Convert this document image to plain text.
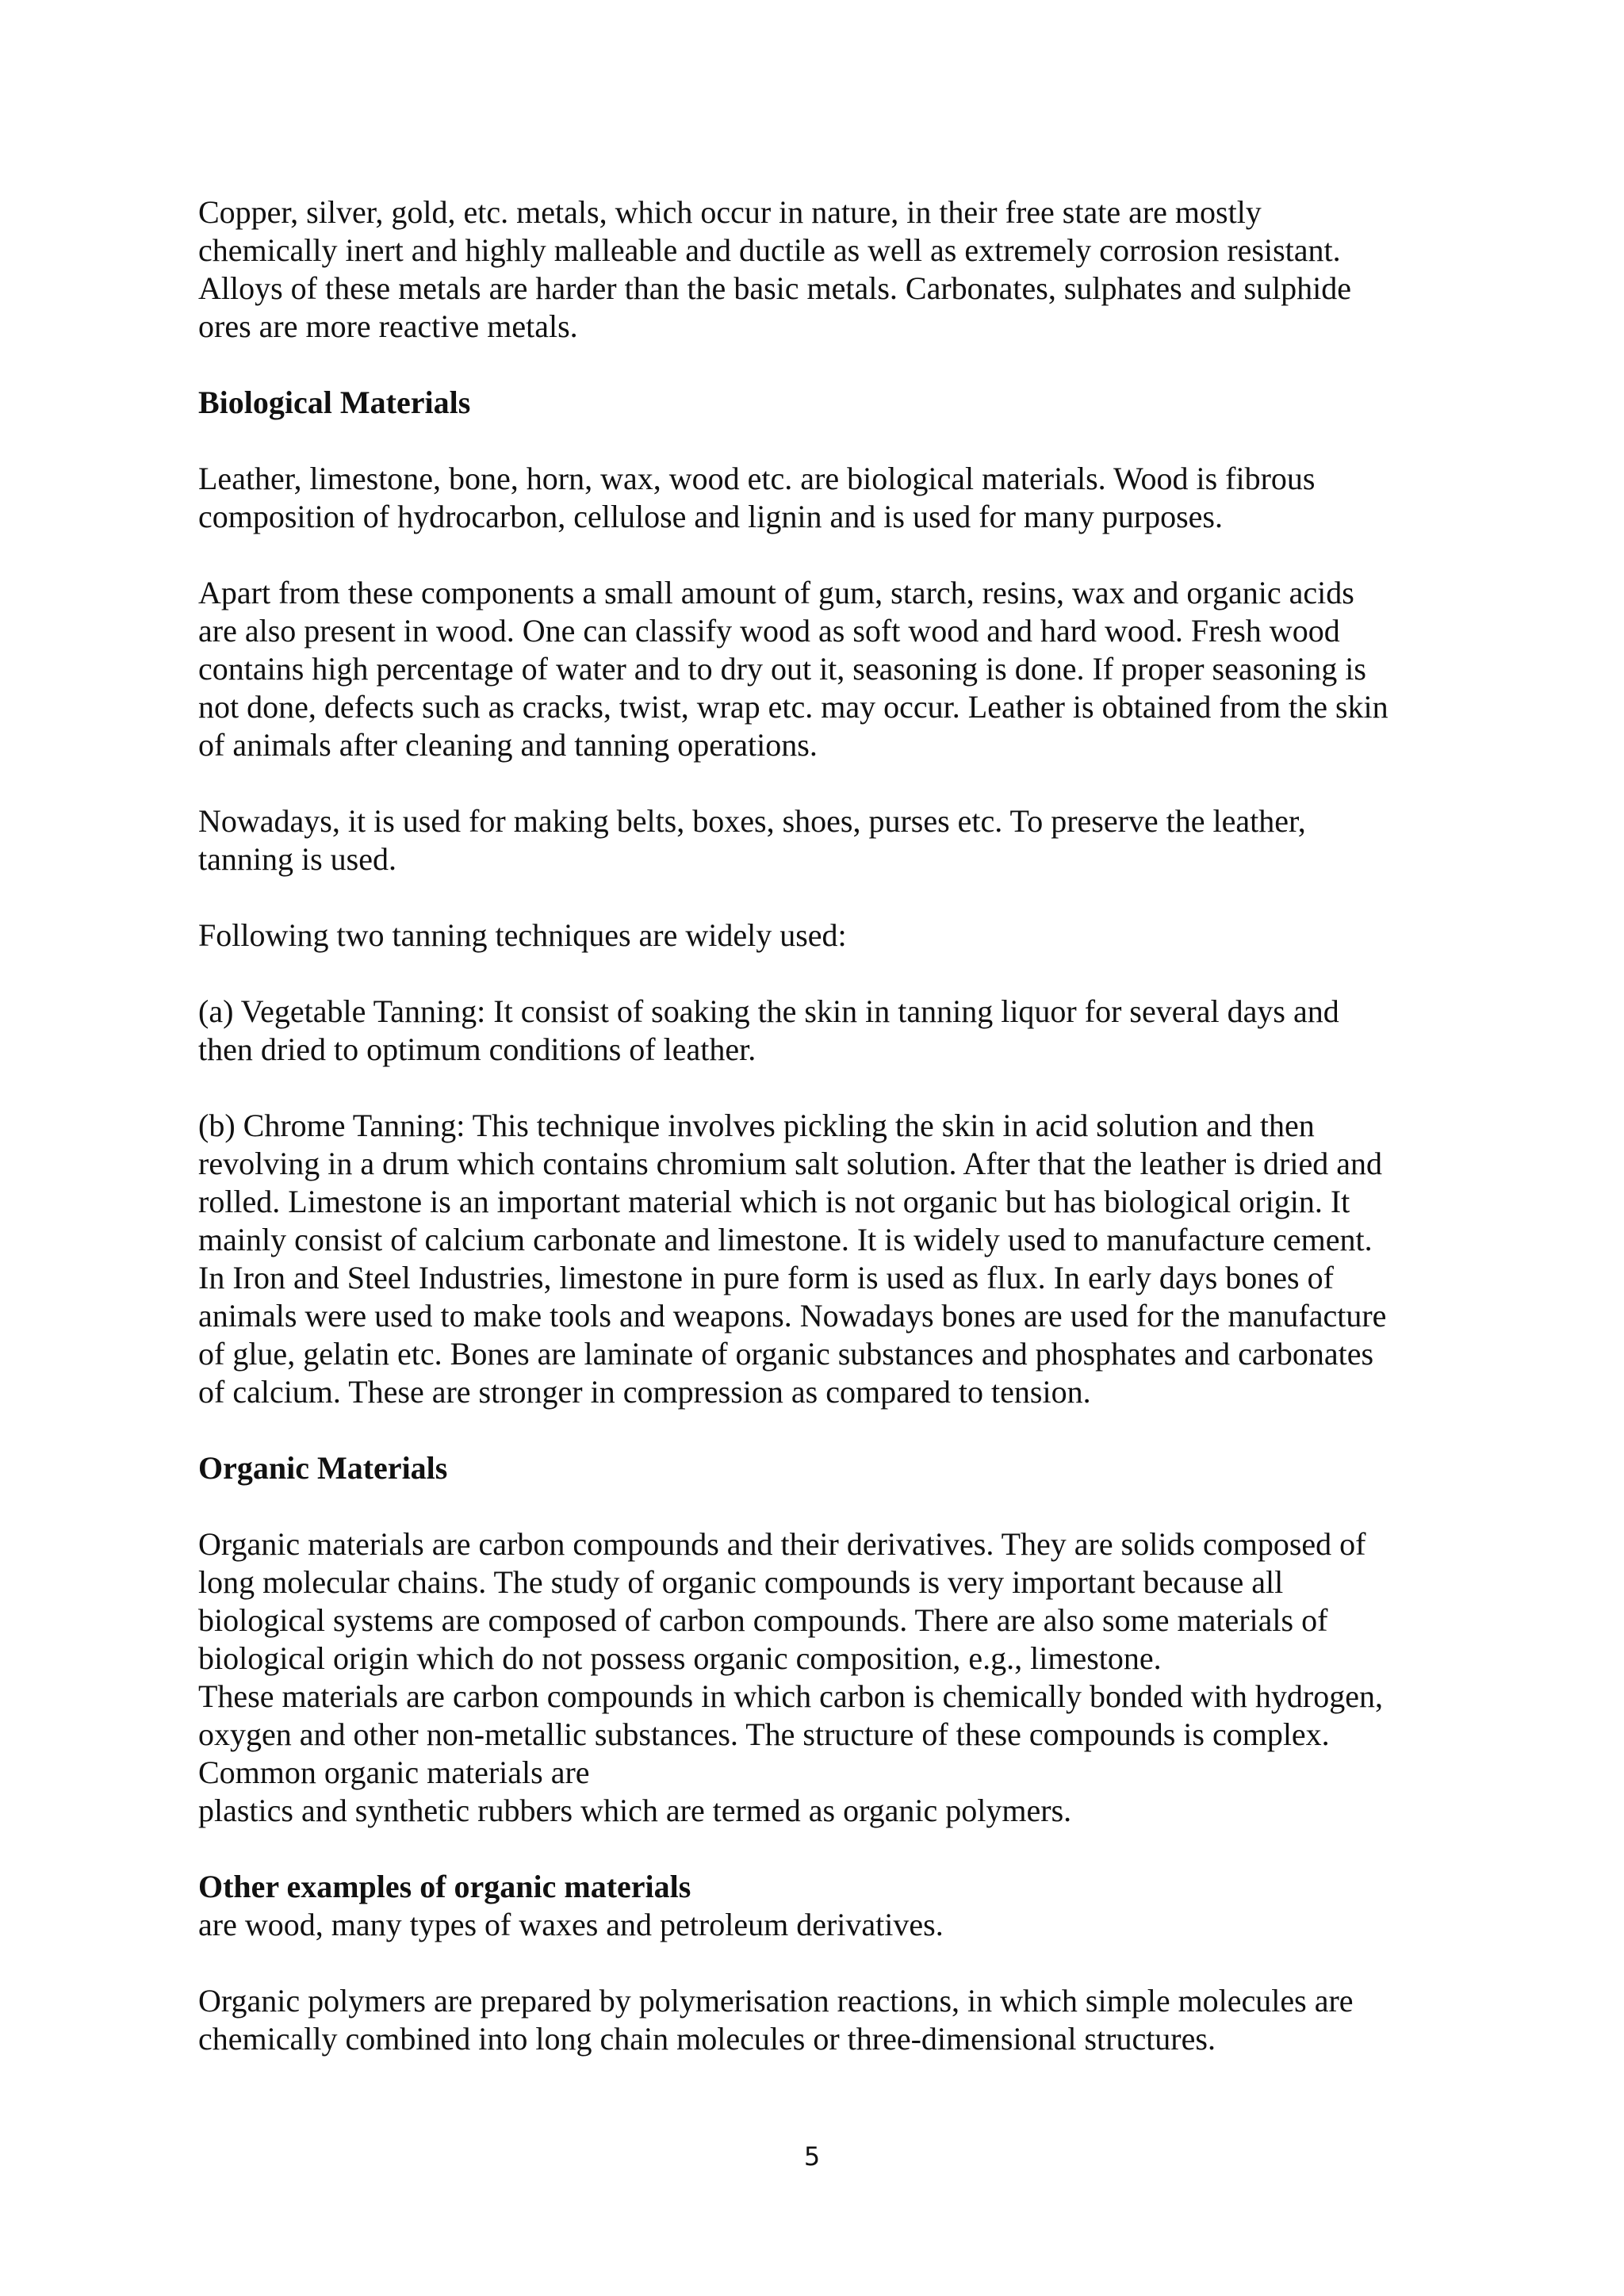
Copper, silver, gold, etc. metals, which occur in nature, in their free state are mostly
chemically inert and highly malleable and ductile as well as extremely corrosion resistant.
Alloys of these metals are harder than the basic metals. Carbonates, sulphates and sulphide
ores are more reactive metals.

Biological Materials

Leather, limestone, bone, horn, wax, wood etc. are biological materials. Wood is fibrous
composition of hydrocarbon, cellulose and lignin and is used for many purposes.

Apart from these components a small amount of gum, starch, resins, wax and organic acids
are also present in wood. One can classify wood as soft wood and hard wood. Fresh wood
contains high percentage of water and to dry out it, seasoning is done. If proper seasoning is
not done, defects such as cracks, twist, wrap etc. may occur. Leather is obtained from the skin
of animals after cleaning and tanning operations.

Nowadays, it is used for making belts, boxes, shoes, purses etc. To preserve the leather,
tanning is used.

Following two tanning techniques are widely used:

(a) Vegetable Tanning: It consist of soaking the skin in tanning liquor for several days and
then dried to optimum conditions of leather.

(b) Chrome Tanning: This technique involves pickling the skin in acid solution and then
revolving in a drum which contains chromium salt solution. After that the leather is dried and
rolled. Limestone is an important material which is not organic but has biological origin. It
mainly consist of calcium carbonate and limestone. It is widely used to manufacture cement.
In Iron and Steel Industries, limestone in pure form is used as flux. In early days bones of
animals were used to make tools and weapons. Nowadays bones are used for the manufacture
of glue, gelatin etc. Bones are laminate of organic substances and phosphates and carbonates
of calcium. These are stronger in compression as compared to tension.

Organic Materials

Organic materials are carbon compounds and their derivatives. They are solids composed of
long molecular chains. The study of organic compounds is very important because all
biological systems are composed of carbon compounds. There are also some materials of
biological origin which do not possess organic composition, e.g., limestone.
These materials are carbon compounds in which carbon is chemically bonded with hydrogen,
oxygen and other non-metallic substances. The structure of these compounds is complex.
Common organic materials are
plastics and synthetic rubbers which are termed as organic polymers.

Other examples of organic materials

are wood, many types of waxes and petroleum derivatives.

Organic polymers are prepared by polymerisation reactions, in which simple molecules are
chemically combined into long chain molecules or three-dimensional structures.

5
